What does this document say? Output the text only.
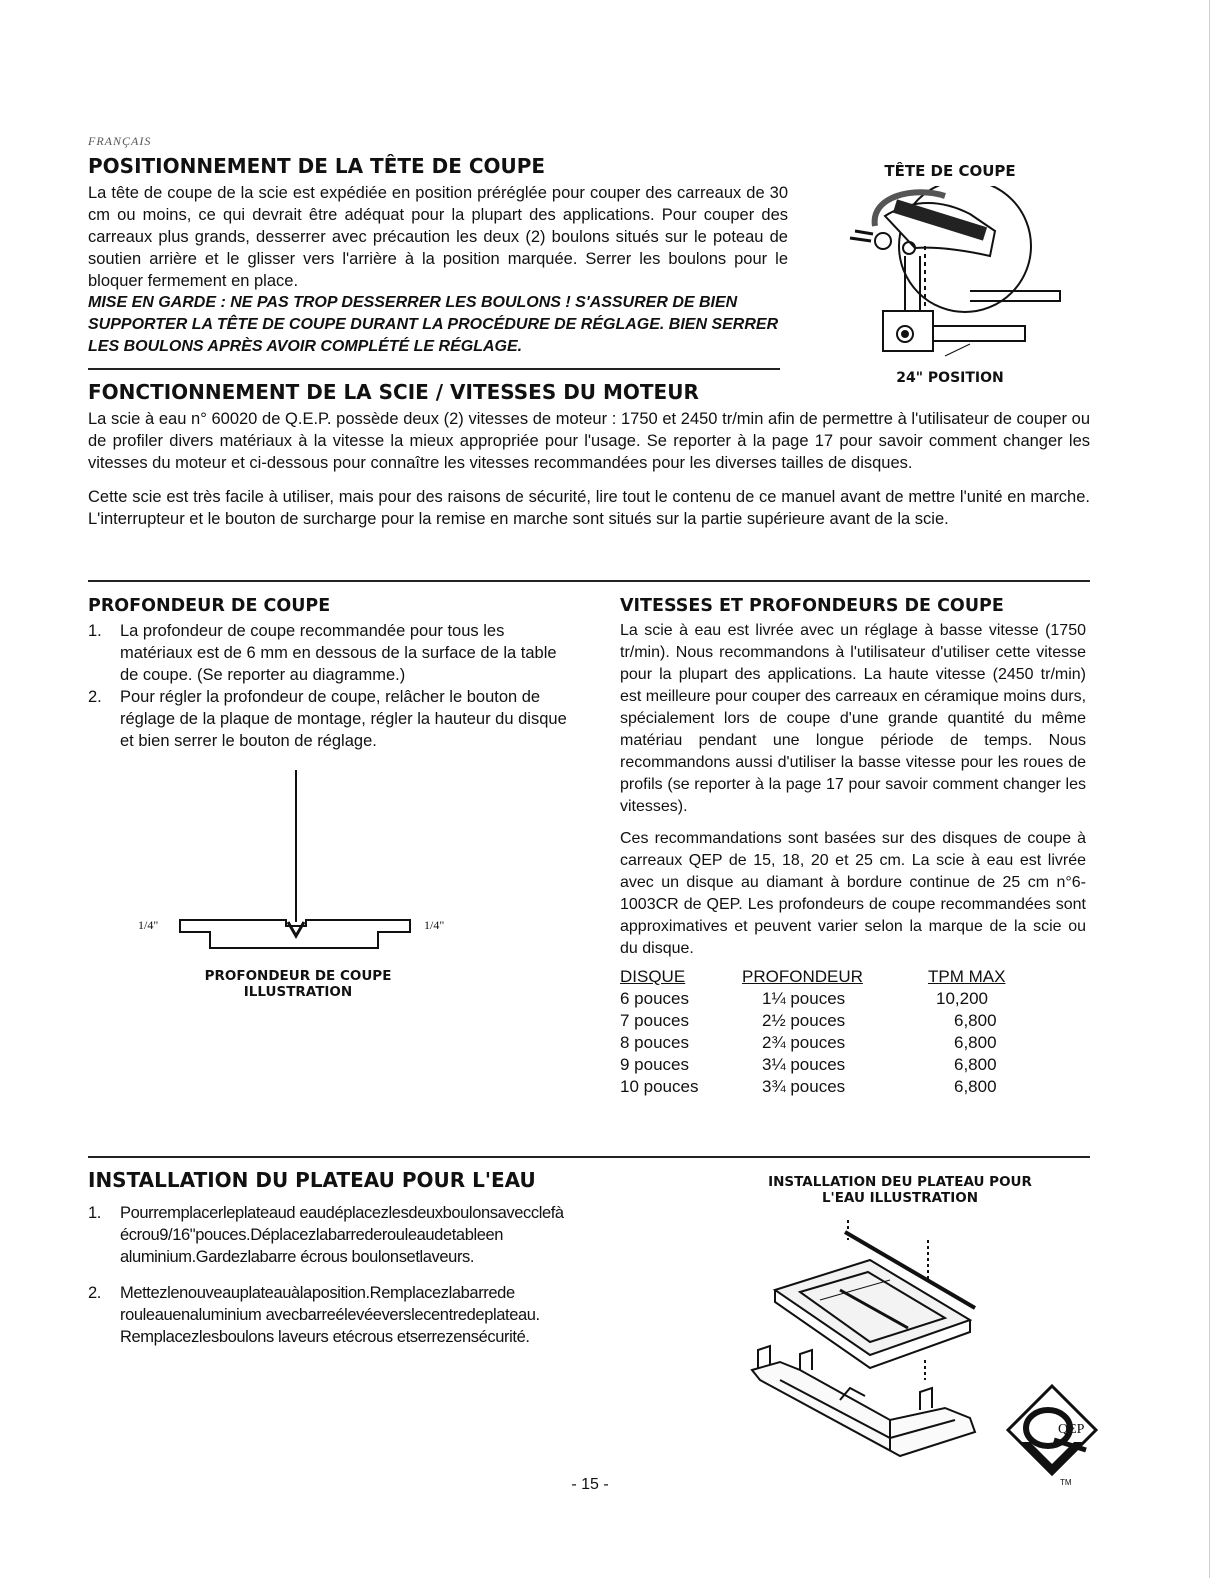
FRANÇAIS
POSITIONNEMENT DE LA TÊTE DE COUPE

La tête de coupe de la scie est expédiée en position préréglée pour couper des carreaux de 30 cm ou moins, ce qui devrait être adéquat pour la plupart des applications. Pour couper des carreaux plus grands, desserrer avec précaution les deux (2) boulons situés sur le poteau de soutien arrière et le glisser vers l'arrière à la position marquée. Serrer les boulons pour le bloquer fermement en place.

MISE EN GARDE : NE PAS TROP DESSERRER LES BOULONS ! S'ASSURER DE BIEN SUPPORTER LA TÊTE DE COUPE DURANT LA PROCÉDURE DE RÉGLAGE. BIEN SERRER LES BOULONS APRÈS AVOIR COMPLÉTÉ LE RÉGLAGE.

TÊTE DE COUPE
24" POSITION
FONCTIONNEMENT DE LA SCIE / VITESSES DU MOTEUR

La scie à eau n° 60020 de Q.E.P. possède deux (2) vitesses de moteur : 1750 et 2450 tr/min afin de permettre à l'utilisateur de couper ou de profiler divers matériaux à la vitesse la mieux appropriée pour l'usage. Se reporter à la page 17 pour savoir comment changer les vitesses du moteur et ci-dessous pour connaître les vitesses recommandées pour les diverses tailles de disques.

Cette scie est très facile à utiliser, mais pour des raisons de sécurité, lire tout le contenu de ce manuel avant de mettre l'unité en marche. L'interrupteur et le bouton de surcharge pour la remise en marche sont situés sur la partie supérieure avant de la scie.

PROFONDEUR DE COUPE
1. La profondeur de coupe recommandée pour tous les matériaux est de 6 mm en dessous de la surface de la table de coupe. (Se reporter au diagramme.)
2. Pour régler la profondeur de coupe, relâcher le bouton de réglage de la plaque de montage, régler la hauteur du disque et bien serrer le bouton de réglage.
1/4"	1/4"
PROFONDEUR DE COUPE
ILLUSTRATION
VITESSES ET PROFONDEURS DE COUPE

La scie à eau est livrée avec un réglage à basse vitesse (1750 tr/min). Nous recommandons à l'utilisateur d'utiliser cette vitesse pour la plupart des applications. La haute vitesse (2450 tr/min) est meilleure pour couper des carreaux en céramique moins durs, spécialement lors de coupe d'une grande quantité du même matériau pendant une longue période de temps. Nous recommandons aussi d'utiliser la basse vitesse pour les roues de profils (se reporter à la page 17 pour savoir comment changer les vitesses).

Ces recommandations sont basées sur des disques de coupe à carreaux QEP de 15, 18, 20 et 25 cm. La scie à eau est livrée avec un disque au diamant à bordure continue de 25 cm n°6-1003CR de QEP. Les profondeurs de coupe recommandées sont approximatives et peuvent varier selon la marque de la scie ou du disque.

DISQUE	PROFONDEUR	TPM MAX
6 pouces	1¼ pouces	10,200
7 pouces	2½ pouces	6,800
8 pouces	2¾ pouces	6,800
9 pouces	3¼ pouces	6,800
10 pouces	3¾ pouces	6,800
INSTALLATION DU PLATEAU POUR L'EAU
1. Pourremplacerleplateaud eaudéplacezlesdeuxboulonsavecclefà écrou9/16"pouces.Déplacezlabarrederouleaudetableen aluminium.Gardezlabarre écrous boulonsetlaveurs.
2. Mettezlenouveauplateauàlaposition.Remplacezlabarrede rouleauenaluminium avecbarreélevéeverslecentredeplateau. Remplacezlesboulons laveurs etécrous etserrezensécurité.
INSTALLATION DEU PLATEAU POUR
L'EAU ILLUSTRATION
QEP
TM
- 15 -
